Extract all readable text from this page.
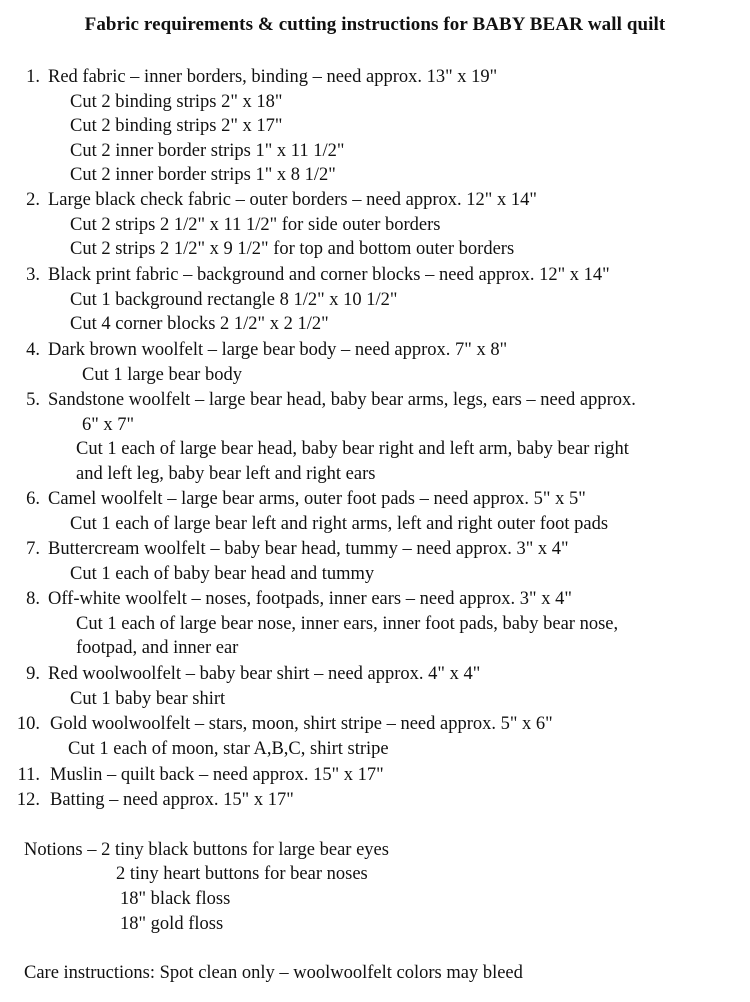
Fabric requirements & cutting instructions for BABY BEAR wall quilt
1. Red fabric – inner borders, binding – need approx. 13" x 19"
Cut 2 binding strips 2" x 18"
Cut 2 binding strips 2" x 17"
Cut 2 inner border strips 1" x 11 1/2"
Cut 2 inner border strips 1" x 8 1/2"
2. Large black check fabric – outer borders – need approx. 12" x 14"
Cut 2 strips 2 1/2" x 11 1/2" for side outer borders
Cut 2 strips 2 1/2" x 9 1/2" for top and bottom outer borders
3. Black print fabric – background and corner blocks – need approx. 12" x 14"
Cut 1 background rectangle 8 1/2" x 10 1/2"
Cut 4 corner blocks 2 1/2" x 2 1/2"
4. Dark brown woolfelt – large bear body – need approx. 7" x 8"
Cut 1 large bear body
5. Sandstone woolfelt – large bear head, baby bear arms, legs, ears – need approx.
6" x 7"
Cut 1 each of large bear head, baby bear right and left arm, baby bear right
and left leg, baby bear left and right ears
6. Camel woolfelt – large bear arms, outer foot pads – need approx. 5" x 5"
Cut 1 each of large bear left and right arms, left and right outer foot pads
7. Buttercream woolfelt – baby bear head, tummy – need approx. 3" x 4"
Cut 1 each of baby bear head and tummy
8. Off-white woolfelt – noses, footpads, inner ears – need approx. 3" x 4"
Cut 1 each of large bear nose, inner ears, inner foot pads, baby bear nose,
footpad, and inner ear
9. Red woolwoolfelt – baby bear shirt – need approx. 4" x 4"
Cut 1 baby bear shirt
10. Gold woolwoolfelt – stars, moon, shirt stripe – need approx. 5" x 6"
Cut 1 each of moon, star A,B,C, shirt stripe
11. Muslin – quilt back – need approx. 15" x 17"
12. Batting – need approx. 15" x 17"
Notions – 2 tiny black buttons for large bear eyes
2 tiny heart buttons for bear noses
18" black floss
18" gold floss
Care instructions: Spot clean only – woolwoolfelt colors may bleed
